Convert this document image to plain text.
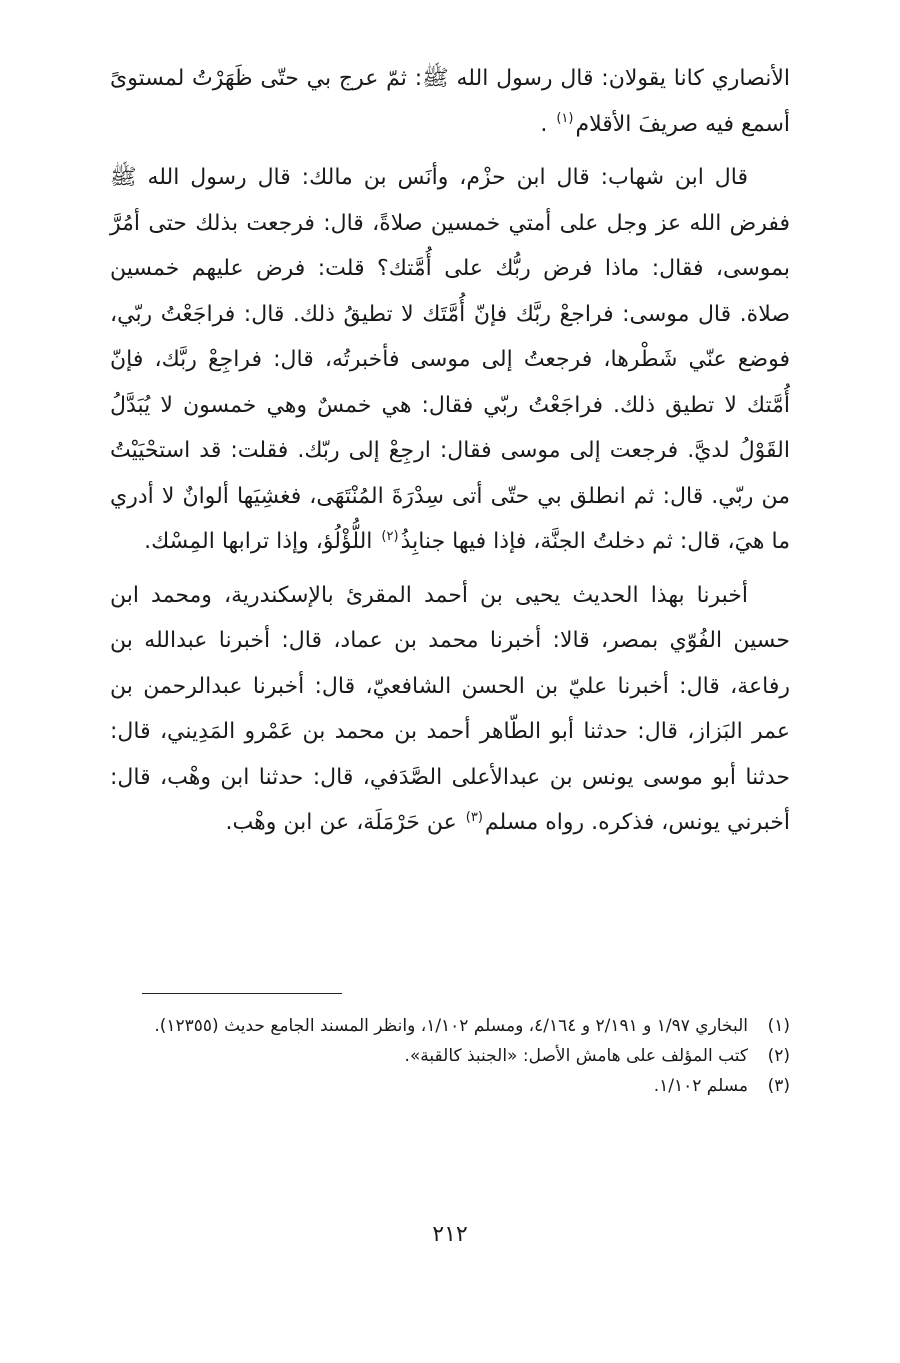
الأنصاري كانا يقولان: قال رسول الله ﷺ: ثمّ عرج بي حتّى ظَهَرْتُ لمستوىً أسمع فيه صريفَ الأقلام$^{(١)}$ .

قال ابن شهاب: قال ابن حزْم، وأنَس بن مالك: قال رسول الله ﷺ ففرض الله عز وجل على أمتي خمسين صلاةً، قال: فرجعت بذلك حتى أمُرَّ بموسى، فقال: ماذا فرض ربُّك على أُمَّتك؟ قلت: فرض عليهم خمسين صلاة. قال موسى: فراجعْ ربَّك فإنّ أُمَّتَك لا تطيقُ ذلك. قال: فراجَعْتُ ربّي، فوضع عنّي شَطْرها، فرجعتُ إلى موسى فأخبرتُه، قال: فراجِعْ ربَّك، فإنّ أُمَّتك لا تطيق ذلك. فراجَعْتُ ربّي فقال: هي خمسٌ وهي خمسون لا يُبَدَّلُ القَوْلُ لديَّ. فرجعت إلى موسى فقال: ارجِعْ إلى ربّك. فقلت: قد استحْيَيْتُ من ربّي. قال: ثم انطلق بي حتّى أتى سِدْرَةَ المُنْتَهَى، فغشِيَها ألوانٌ لا أدري ما هيَ، قال: ثم دخلتُ الجنَّة، فإذا فيها جنابِذُ$^{(٢)}$ اللُّؤْلُؤ، وإذا ترابها المِسْك.

أخبرنا بهذا الحديث يحيى بن أحمد المقرئ بالإسكندرية، ومحمد ابن حسين الفُوّي بمصر، قالا: أخبرنا محمد بن عماد، قال: أخبرنا عبدالله بن رفاعة، قال: أخبرنا عليّ بن الحسن الشافعيّ، قال: أخبرنا عبدالرحمن بن عمر البَزاز، قال: حدثنا أبو الطّاهر أحمد بن محمد بن عَمْرو المَدِيني، قال: حدثنا أبو موسى يونس بن عبدالأعلى الصَّدَفي، قال: حدثنا ابن وهْب، قال: أخبرني يونس، فذكره. رواه مسلم$^{(٣)}$ عن حَرْمَلَة، عن ابن وهْب.

(١)
البخاري ١/٩٧ و ٢/١٩١ و ٤/١٦٤، ومسلم ١/١٠٢، وانظر المسند الجامع حديث (١٢٣٥٥).
(٢)
كتب المؤلف على هامش الأصل: «الجنبذ كالقبة».
(٣)
مسلم ١/١٠٢.
٢١٢
